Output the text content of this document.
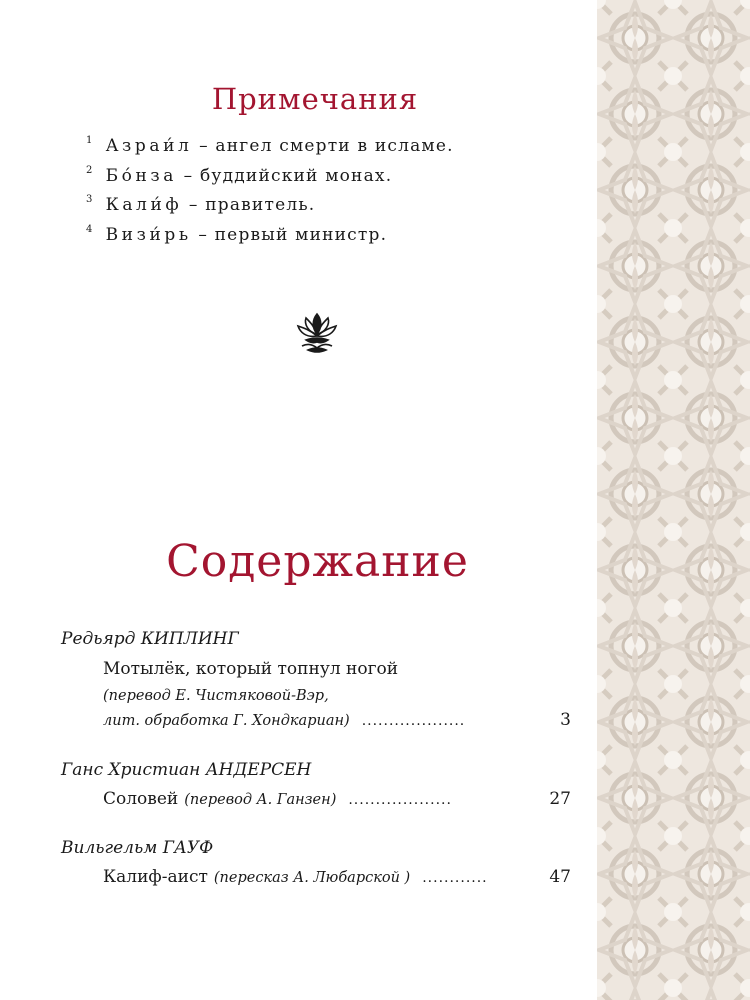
Примечания
$^1$ Азраи́л – ангел смерти в исламе.
$^2$ Бо́нза – буддийский монах.
$^3$ Кали́ф – правитель.
$^4$ Визи́рь – первый министр.
Содержание
Редьярд КИПЛИНГ
Мотылёк, который топнул ногой
(перевод Е. Чистяковой-Вэр,
лит. обработка Г. Хондкариан) ...................	3
Ганс Христиан АНДЕРСЕН
Соловей (перевод А. Ганзен) ...................	27
Вильгельм ГАУФ
Калиф-аист (пересказ А. Любарской ) ............	47
